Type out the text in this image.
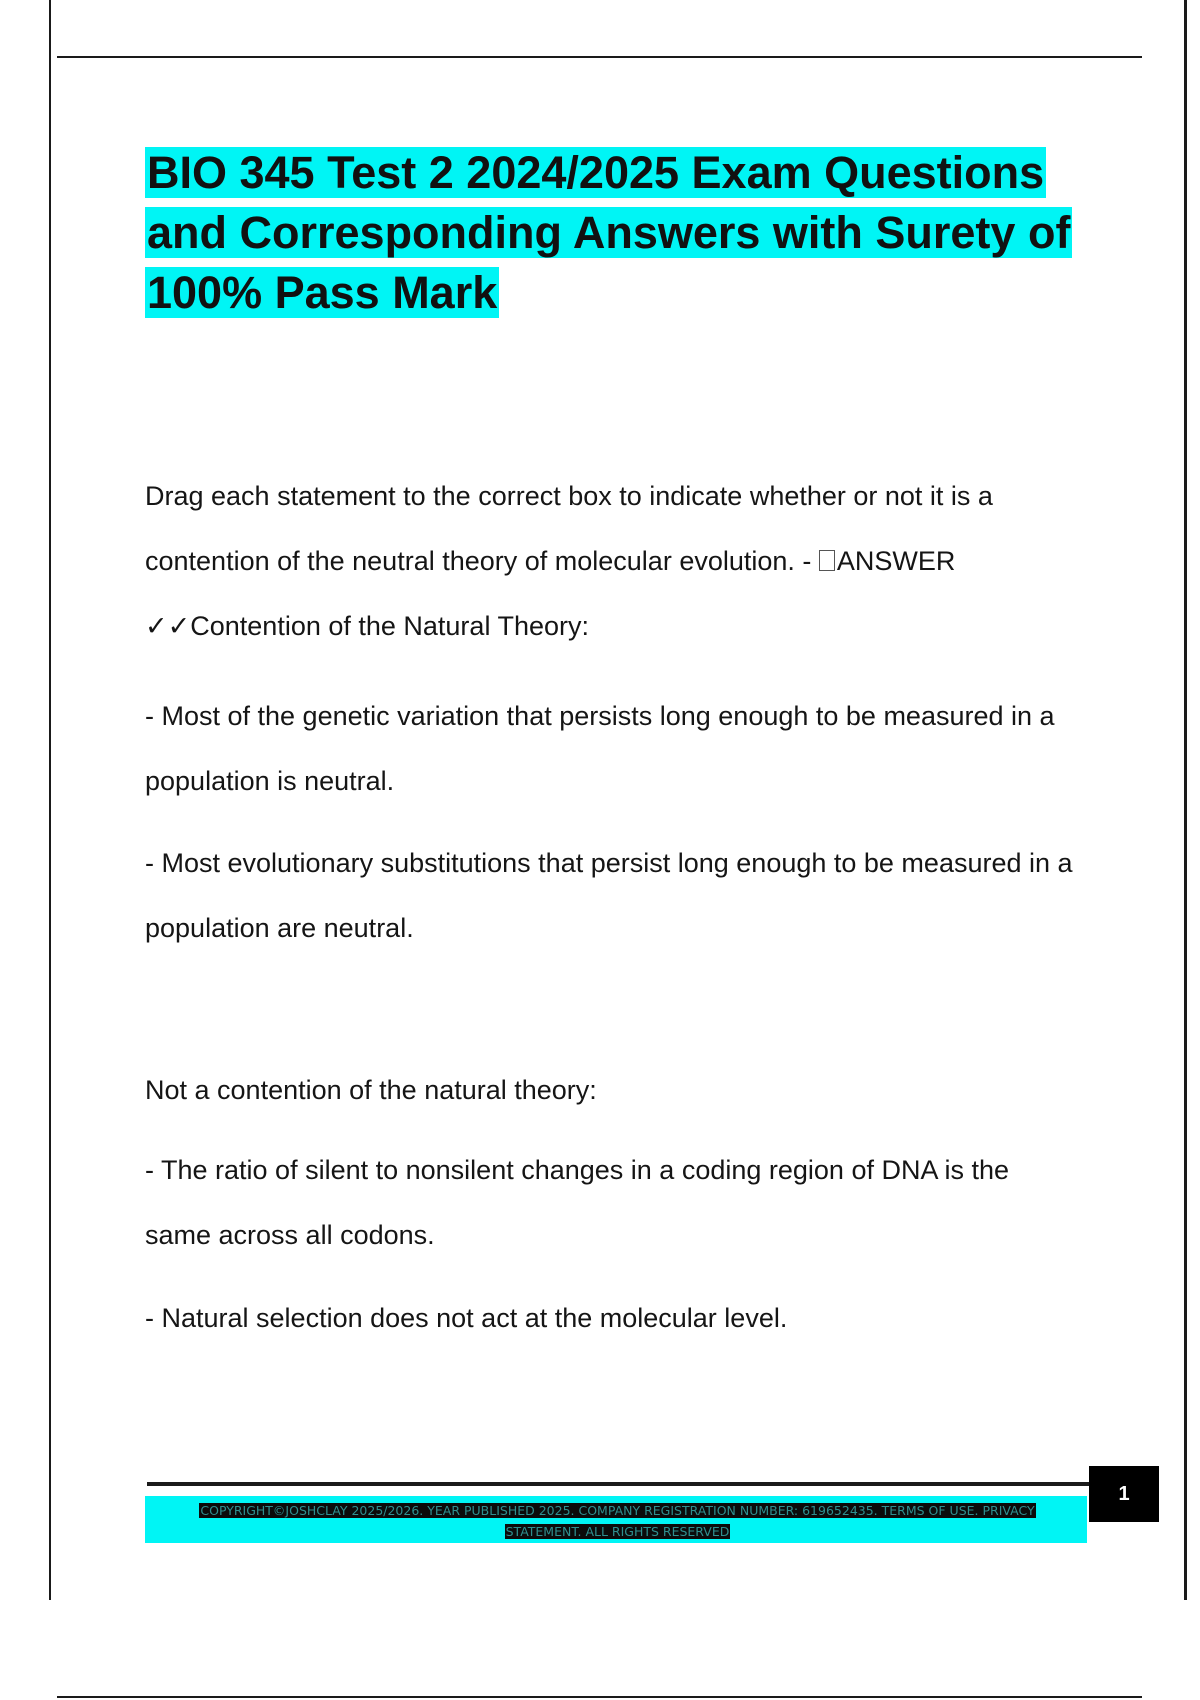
BIO 345 Test 2 2024/2025 Exam Questions and Corresponding Answers with Surety of 100% Pass Mark

Drag each statement to the correct box to indicate whether or not it is a contention of the neutral theory of molecular evolution. - ANSWER
✓✓Contention of the Natural Theory:

- Most of the genetic variation that persists long enough to be measured in a population is neutral.

- Most evolutionary substitutions that persist long enough to be measured in a population are neutral.

Not a contention of the natural theory:

- The ratio of silent to nonsilent changes in a coding region of DNA is the same across all codons.

- Natural selection does not act at the molecular level.

1

COPYRIGHT©JOSHCLAY 2025/2026. YEAR PUBLISHED 2025. COMPANY REGISTRATION NUMBER: 619652435. TERMS OF USE. PRIVACY STATEMENT. ALL RIGHTS RESERVED
